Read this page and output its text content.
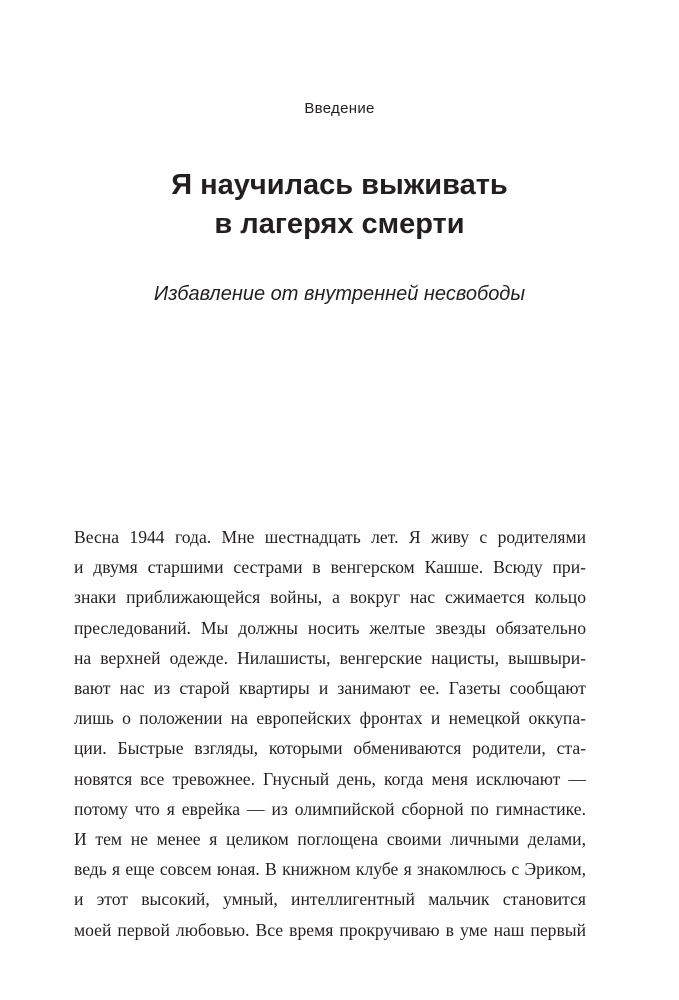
Введение
Я научилась выживать
в лагерях смерти
Избавление от внутренней несвободы
Весна 1944 года. Мне шестнадцать лет. Я живу с родителями
и двумя старшими сестрами в венгерском Кашше. Всюду при-
знаки приближающейся войны, а вокруг нас сжимается кольцо
преследований. Мы должны носить желтые звезды обязательно
на верхней одежде. Нилашисты, венгерские нацисты, вышвыри-
вают нас из старой квартиры и занимают ее. Газеты сообщают
лишь о положении на европейских фронтах и немецкой оккупа-
ции. Быстрые взгляды, которыми обмениваются родители, ста-
новятся все тревожнее. Гнусный день, когда меня исключают —
потому что я еврейка — из олимпийской сборной по гимнастике.
И тем не менее я целиком поглощена своими личными делами,
ведь я еще совсем юная. В книжном клубе я знакомлюсь с Эриком,
и этот высокий, умный, интеллигентный мальчик становится
моей первой любовью. Все время прокручиваю в уме наш первый
